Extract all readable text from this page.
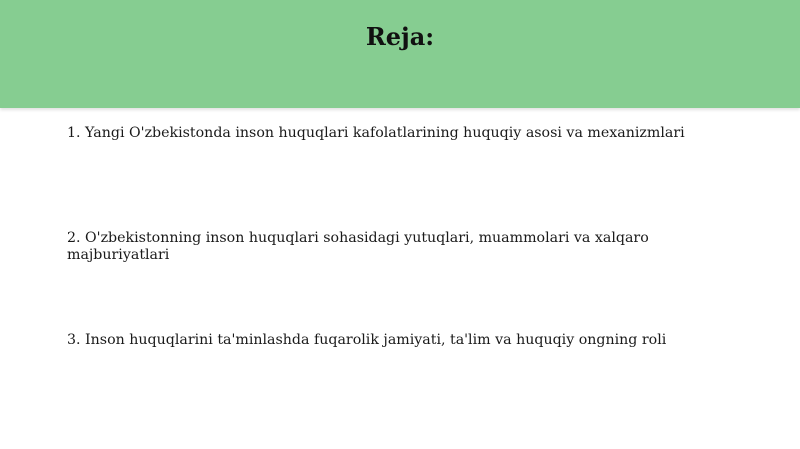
Reja:

1. Yangi O'zbekistonda inson huquqlari kafolatlarining huquqiy asosi va mexanizmlari

2. O'zbekistonning inson huquqlari sohasidagi yutuqlari, muammolari va xalqaro majburiyatlari

3. Inson huquqlarini ta'minlashda fuqarolik jamiyati, ta'lim va huquqiy ongning roli
